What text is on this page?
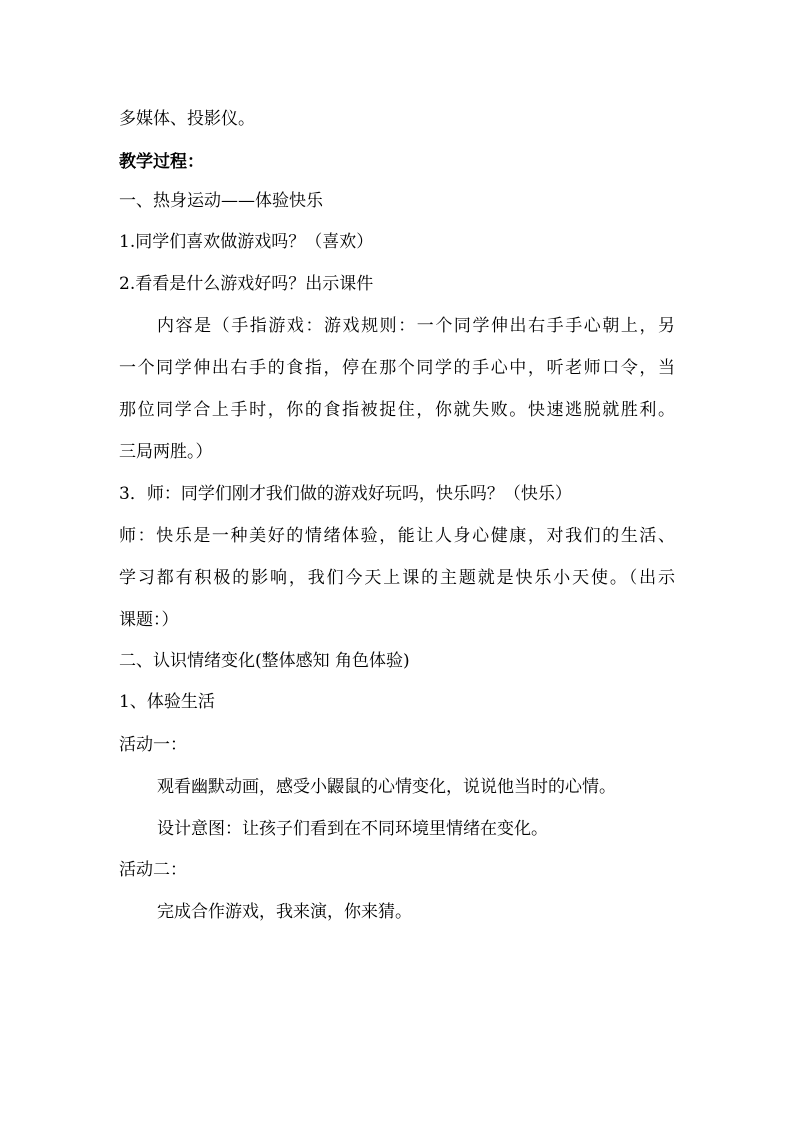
多媒体、投影仪。
教学过程：
一、热身运动——体验快乐
1.同学们喜欢做游戏吗？（喜欢）
2.看看是什么游戏好吗？出示课件
内容是（手指游戏：游戏规则：一个同学伸出右手手心朝上，另
一个同学伸出右手的食指，停在那个同学的手心中，听老师口令，当
那位同学合上手时，你的食指被捉住，你就失败。快速逃脱就胜利。
三局两胜。）
3．师：同学们刚才我们做的游戏好玩吗，快乐吗？（快乐）
师：快乐是一种美好的情绪体验，能让人身心健康，对我们的生活、
学习都有积极的影响，我们今天上课的主题就是快乐小天使。（出示
课题：）
二、认识情绪变化(整体感知 角色体验)
1、体验生活
活动一：
观看幽默动画，感受小鼹鼠的心情变化，说说他当时的心情。
设计意图：让孩子们看到在不同环境里情绪在变化。
活动二：
完成合作游戏，我来演，你来猜。
